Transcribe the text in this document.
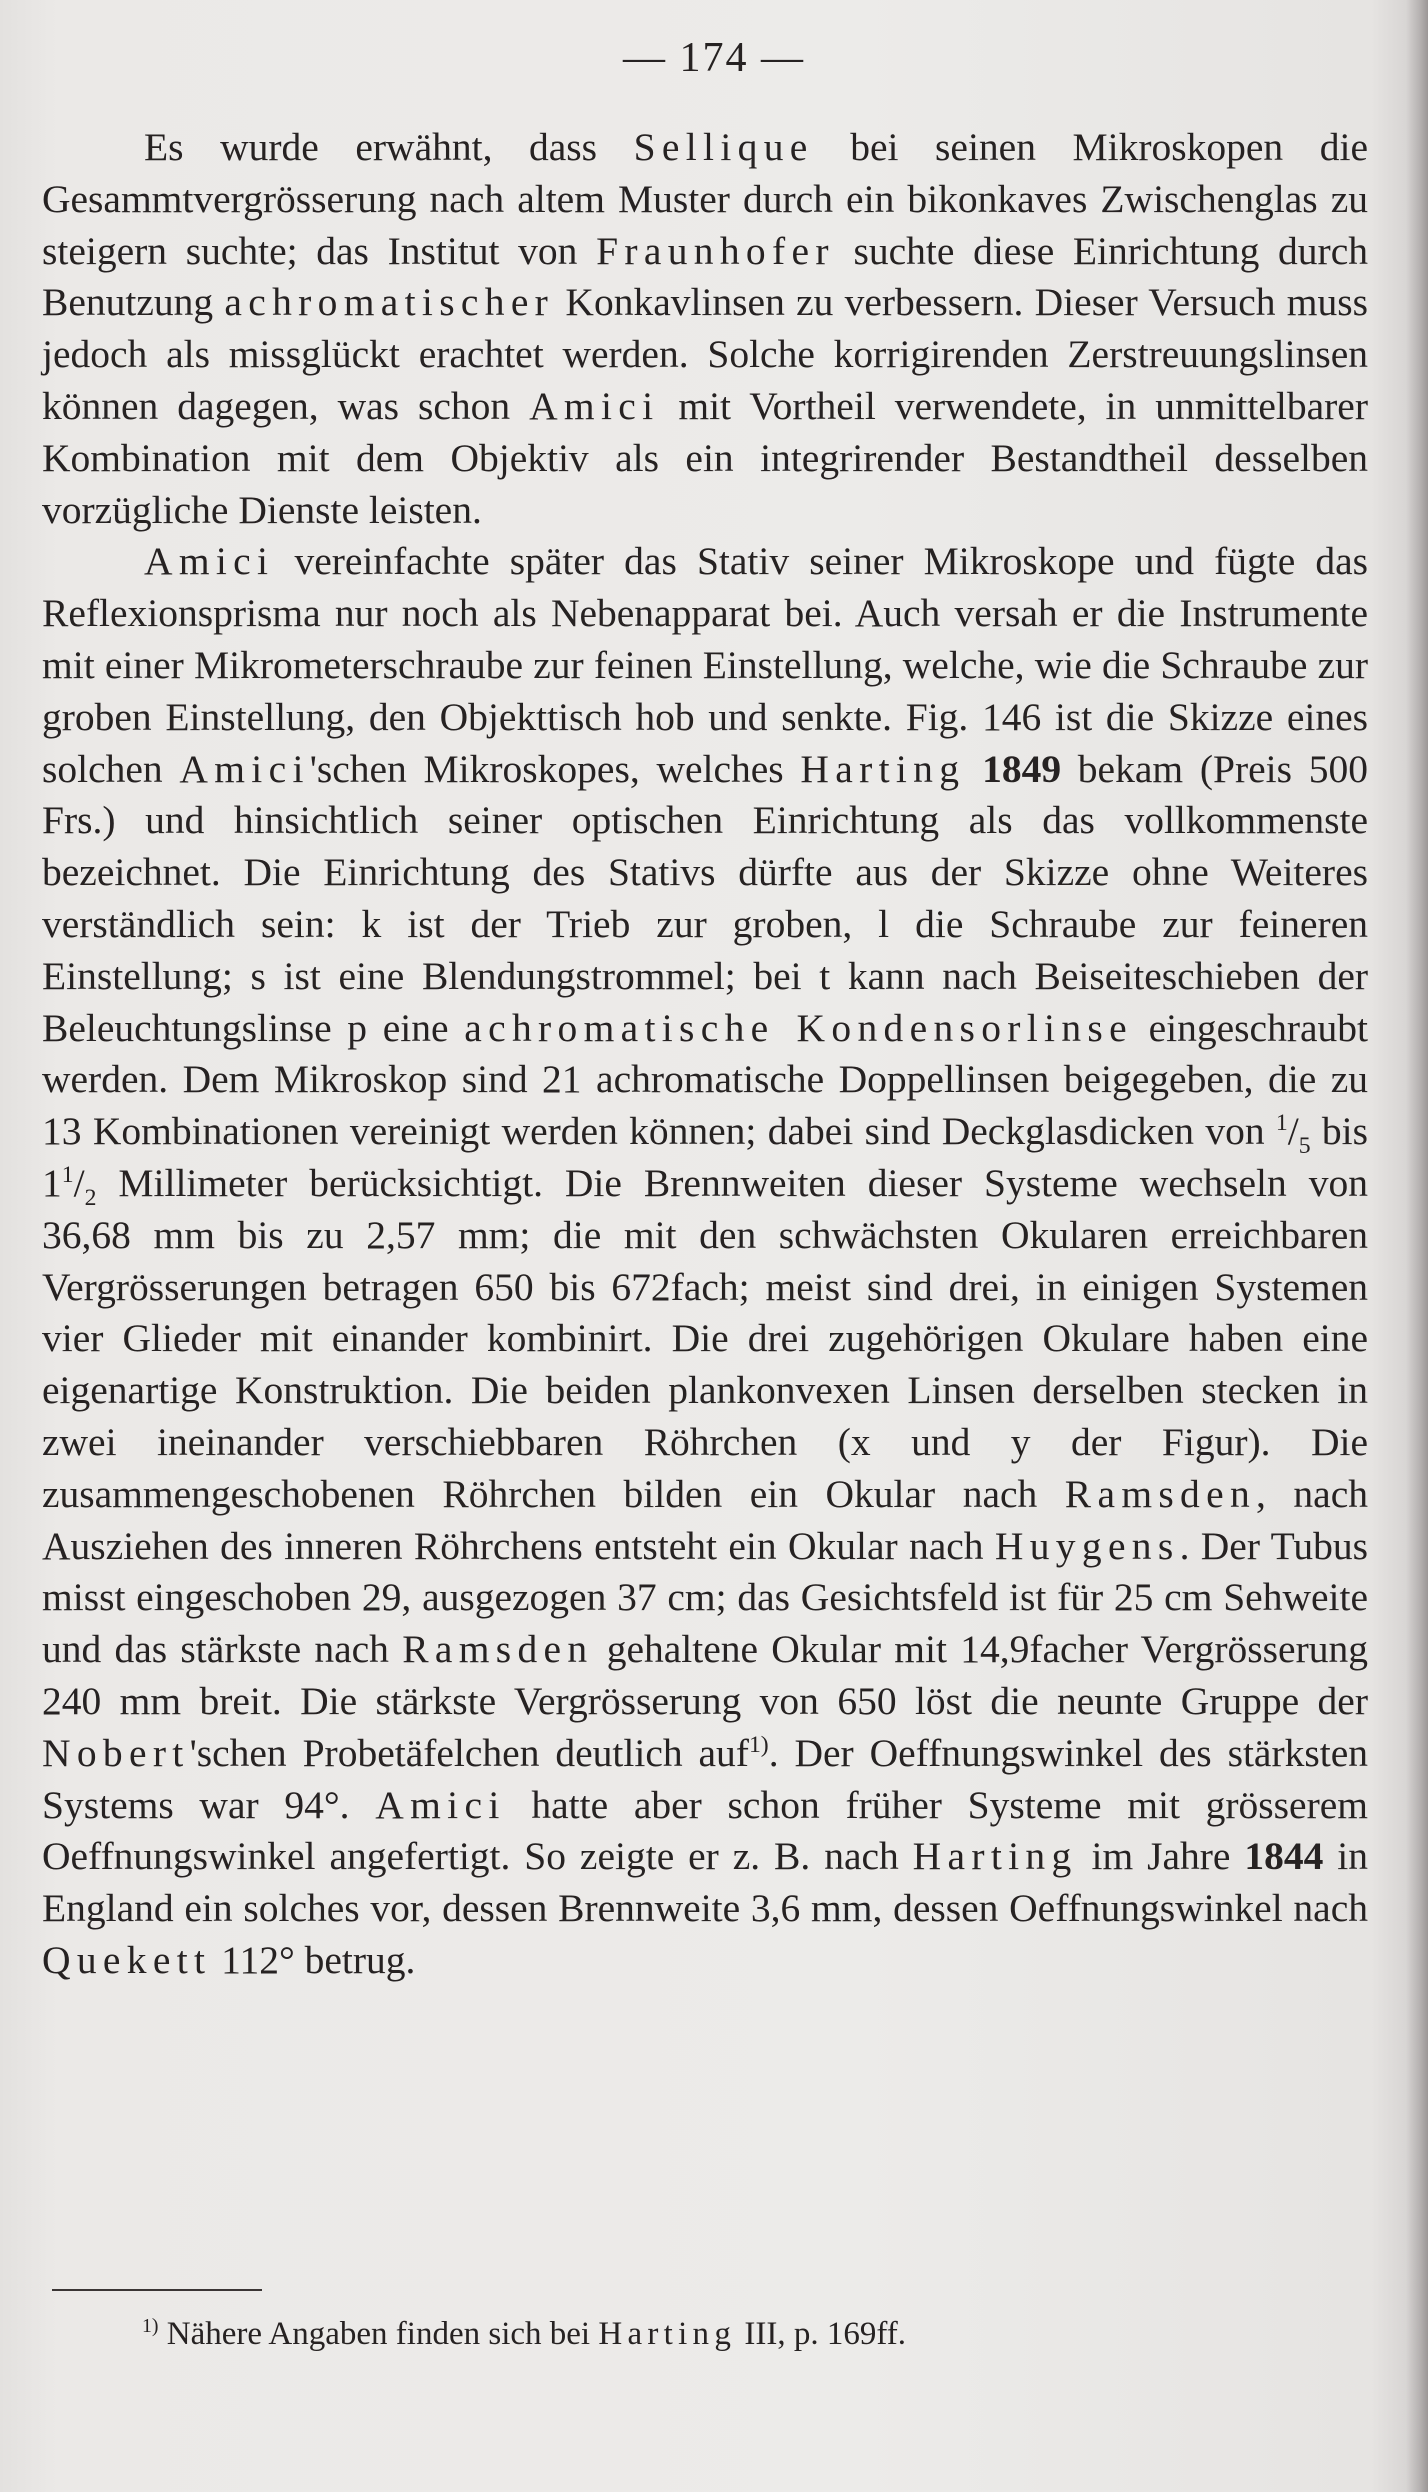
— 174 —

Es wurde erwähnt, dass Sellique bei seinen Mikroskopen die Gesammtvergrösserung nach altem Muster durch ein bikonkaves Zwischenglas zu steigern suchte; das Institut von Fraunhofer suchte diese Einrichtung durch Benutzung achromatischer Konkavlinsen zu verbessern. Dieser Versuch muss jedoch als missglückt erachtet werden. Solche korrigirenden Zerstreuungslinsen können dagegen, was schon Amici mit Vortheil verwendete, in unmittelbarer Kombination mit dem Objektiv als ein integrirender Bestandtheil desselben vorzügliche Dienste leisten.

Amici vereinfachte später das Stativ seiner Mikroskope und fügte das Reflexionsprisma nur noch als Nebenapparat bei. Auch versah er die Instrumente mit einer Mikrometerschraube zur feinen Einstellung, welche, wie die Schraube zur groben Einstellung, den Objekttisch hob und senkte. Fig. 146 ist die Skizze eines solchen Amici'schen Mikroskopes, welches Harting 1849 bekam (Preis 500 Frs.) und hinsichtlich seiner optischen Einrichtung als das vollkommenste bezeichnet. Die Einrichtung des Stativs dürfte aus der Skizze ohne Weiteres verständlich sein: k ist der Trieb zur groben, l die Schraube zur feineren Einstellung; s ist eine Blendungstrommel; bei t kann nach Beiseiteschieben der Beleuchtungslinse p eine achromatische Kondensorlinse eingeschraubt werden. Dem Mikroskop sind 21 achromatische Doppellinsen beigegeben, die zu 13 Kombinationen vereinigt werden können; dabei sind Deckglasdicken von $^1/_5$ bis $1^1/_2$ Millimeter berücksichtigt. Die Brennweiten dieser Systeme wechseln von 36,68 mm bis zu 2,57 mm; die mit den schwächsten Okularen erreichbaren Vergrösserungen betragen 650 bis 672fach; meist sind drei, in einigen Systemen vier Glieder mit einander kombinirt. Die drei zugehörigen Okulare haben eine eigenartige Konstruktion. Die beiden plankonvexen Linsen derselben stecken in zwei ineinander verschiebbaren Röhrchen (x und y der Figur). Die zusammengeschobenen Röhrchen bilden ein Okular nach Ramsden, nach Ausziehen des inneren Röhrchens entsteht ein Okular nach Huygens. Der Tubus misst eingeschoben 29, ausgezogen 37 cm; das Gesichtsfeld ist für 25 cm Sehweite und das stärkste nach Ramsden gehaltene Okular mit 14,9facher Vergrösserung 240 mm breit. Die stärkste Vergrösserung von 650 löst die neunte Gruppe der Nobert'schen Probetäfelchen deutlich auf$^{1)}$. Der Oeffnungswinkel des stärksten Systems war 94°. Amici hatte aber schon früher Systeme mit grösserem Oeffnungswinkel angefertigt. So zeigte er z. B. nach Harting im Jahre 1844 in England ein solches vor, dessen Brennweite 3,6 mm, dessen Oeffnungswinkel nach Quekett 112° betrug.

$^{1)}$ Nähere Angaben finden sich bei Harting III, p. 169ff.
